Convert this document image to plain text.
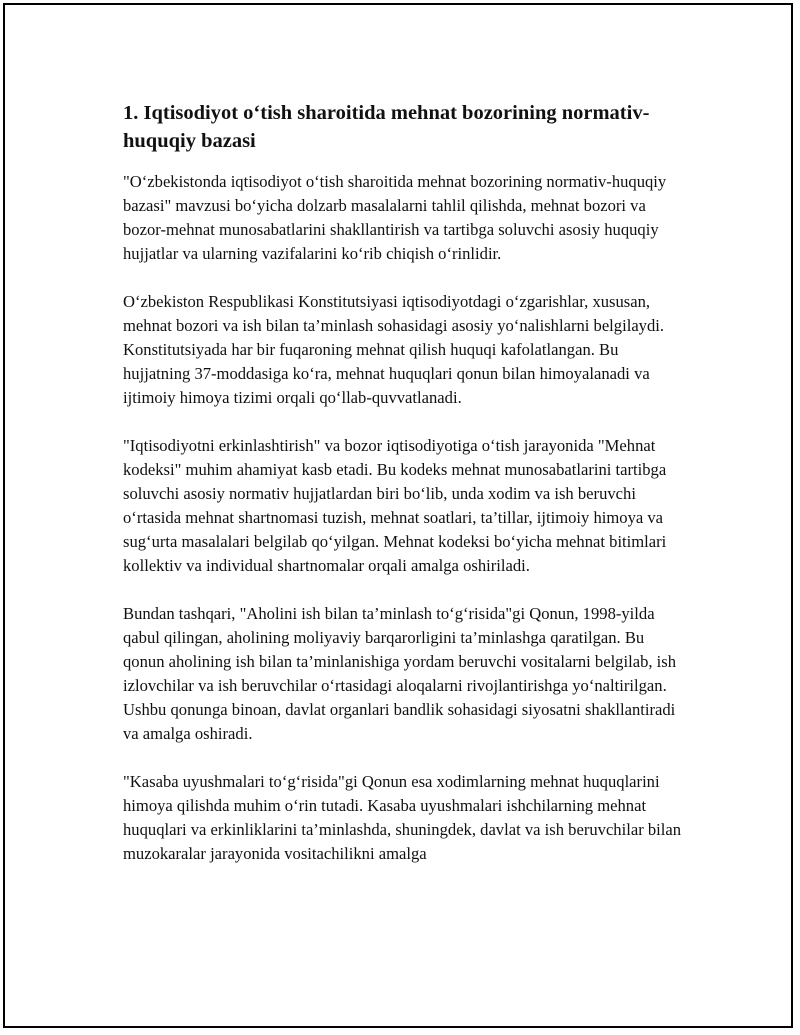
1. Iqtisodiyot o‘tish sharoitida mehnat bozorining normativ-huquqiy bazasi

"O‘zbekistonda iqtisodiyot o‘tish sharoitida mehnat bozorining normativ-huquqiy bazasi" mavzusi bo‘yicha dolzarb masalalarni tahlil qilishda, mehnat bozori va bozor-mehnat munosabatlarini shakllantirish va tartibga soluvchi asosiy huquqiy hujjatlar va ularning vazifalarini ko‘rib chiqish o‘rinlidir.

O‘zbekiston Respublikasi Konstitutsiyasi iqtisodiyotdagi o‘zgarishlar, xususan, mehnat bozori va ish bilan ta’minlash sohasidagi asosiy yo‘nalishlarni belgilaydi. Konstitutsiyada har bir fuqaroning mehnat qilish huquqi kafolatlangan. Bu hujjatning 37-moddasiga ko‘ra, mehnat huquqlari qonun bilan himoyalanadi va ijtimoiy himoya tizimi orqali qo‘llab-quvvatlanadi.

"Iqtisodiyotni erkinlashtirish" va bozor iqtisodiyotiga o‘tish jarayonida "Mehnat kodeksi" muhim ahamiyat kasb etadi. Bu kodeks mehnat munosabatlarini tartibga soluvchi asosiy normativ hujjatlardan biri bo‘lib, unda xodim va ish beruvchi o‘rtasida mehnat shartnomasi tuzish, mehnat soatlari, ta’tillar, ijtimoiy himoya va sug‘urta masalalari belgilab qo‘yilgan. Mehnat kodeksi bo‘yicha mehnat bitimlari kollektiv va individual shartnomalar orqali amalga oshiriladi.

Bundan tashqari, "Aholini ish bilan ta’minlash to‘g‘risida"gi Qonun, 1998-yilda qabul qilingan, aholining moliyaviy barqarorligini ta’minlashga qaratilgan. Bu qonun aholining ish bilan ta’minlanishiga yordam beruvchi vositalarni belgilab, ish izlovchilar va ish beruvchilar o‘rtasidagi aloqalarni rivojlantirishga yo‘naltirilgan. Ushbu qonunga binoan, davlat organlari bandlik sohasidagi siyosatni shakllantiradi va amalga oshiradi.

"Kasaba uyushmalari to‘g‘risida"gi Qonun esa xodimlarning mehnat huquqlarini himoya qilishda muhim o‘rin tutadi. Kasaba uyushmalari ishchilarning mehnat huquqlari va erkinliklarini ta’minlashda, shuningdek, davlat va ish beruvchilar bilan muzokaralar jarayonida vositachilikni amalga
